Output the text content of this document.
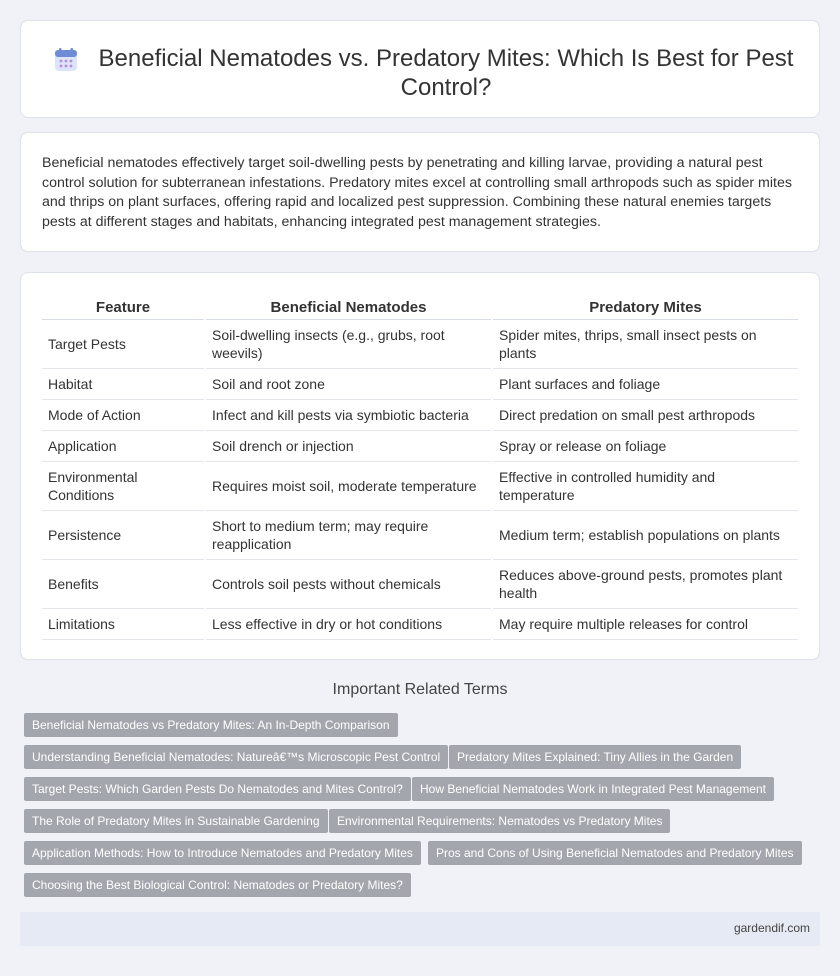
Beneficial Nematodes vs. Predatory Mites: Which Is Best for Pest Control?

Beneficial nematodes effectively target soil-dwelling pests by penetrating and killing larvae, providing a natural pest control solution for subterranean infestations. Predatory mites excel at controlling small arthropods such as spider mites and thrips on plant surfaces, offering rapid and localized pest suppression. Combining these natural enemies targets pests at different stages and habitats, enhancing integrated pest management strategies.

Feature	Beneficial Nematodes	Predatory Mites
Target Pests	Soil-dwelling insects (e.g., grubs, root weevils)	Spider mites, thrips, small insect pests on plants
Habitat	Soil and root zone	Plant surfaces and foliage
Mode of Action	Infect and kill pests via symbiotic bacteria	Direct predation on small pest arthropods
Application	Soil drench or injection	Spray or release on foliage
Environmental Conditions	Requires moist soil, moderate temperature	Effective in controlled humidity and temperature
Persistence	Short to medium term; may require reapplication	Medium term; establish populations on plants
Benefits	Controls soil pests without chemicals	Reduces above-ground pests, promotes plant health
Limitations	Less effective in dry or hot conditions	May require multiple releases for control
Important Related Terms
Beneficial Nematodes vs Predatory Mites: An In-Depth Comparison
Understanding Beneficial Nematodes: Natureâ€™s Microscopic Pest Control	Predatory Mites Explained: Tiny Allies in the Garden
Target Pests: Which Garden Pests Do Nematodes and Mites Control?	How Beneficial Nematodes Work in Integrated Pest Management
The Role of Predatory Mites in Sustainable Gardening	Environmental Requirements: Nematodes vs Predatory Mites
Application Methods: How to Introduce Nematodes and Predatory Mites	Pros and Cons of Using Beneficial Nematodes and Predatory Mites
Choosing the Best Biological Control: Nematodes or Predatory Mites?
gardendif.com
